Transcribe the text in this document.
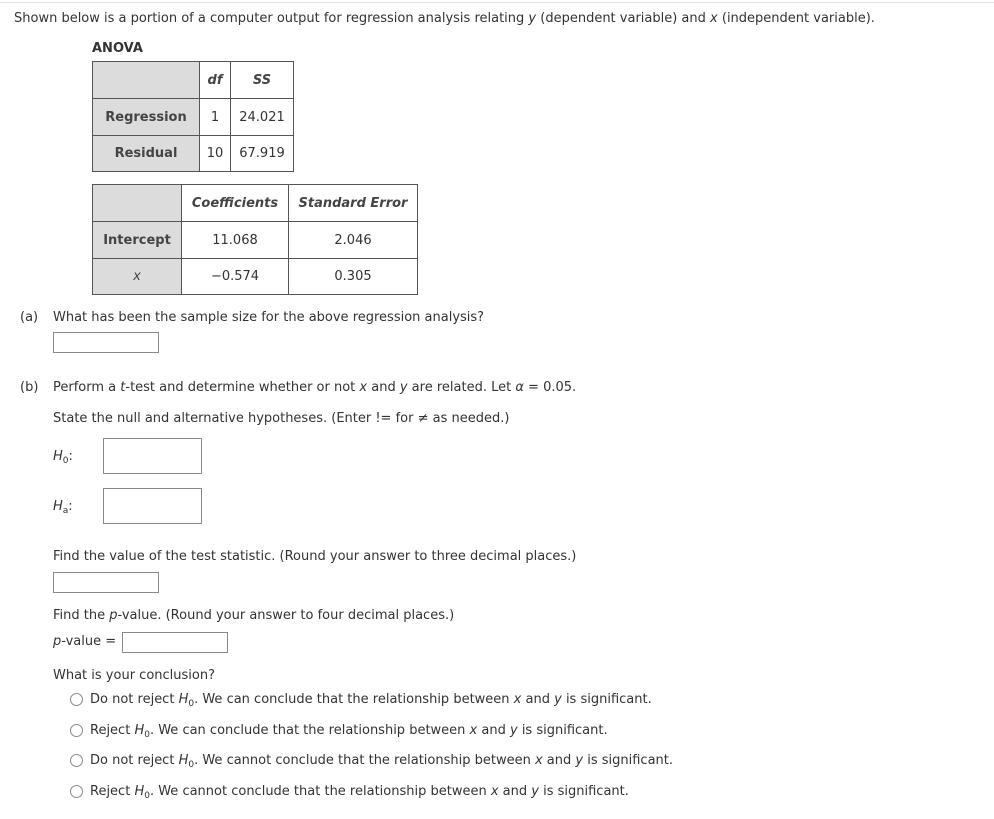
Shown below is a portion of a computer output for regression analysis relating y (dependent variable) and x (independent variable).
ANOVA
	df	SS
Regression	1	24.021
Residual	10	67.919
	Coefficients	Standard Error
Intercept	11.068	2.046
x	−0.574	0.305
(a) What has been the sample size for the above regression analysis?
(b) Perform a t-test and determine whether or not x and y are related. Let α = 0.05.
State the null and alternative hypotheses. (Enter != for ≠ as needed.)
$H_0$:
$H_a$:
Find the value of the test statistic. (Round your answer to three decimal places.)
Find the p-value. (Round your answer to four decimal places.)
p-value =
What is your conclusion?
Do not reject $H_0$. We can conclude that the relationship between x and y is significant.
Reject $H_0$. We can conclude that the relationship between x and y is significant.
Do not reject $H_0$. We cannot conclude that the relationship between x and y is significant.
Reject $H_0$. We cannot conclude that the relationship between x and y is significant.
